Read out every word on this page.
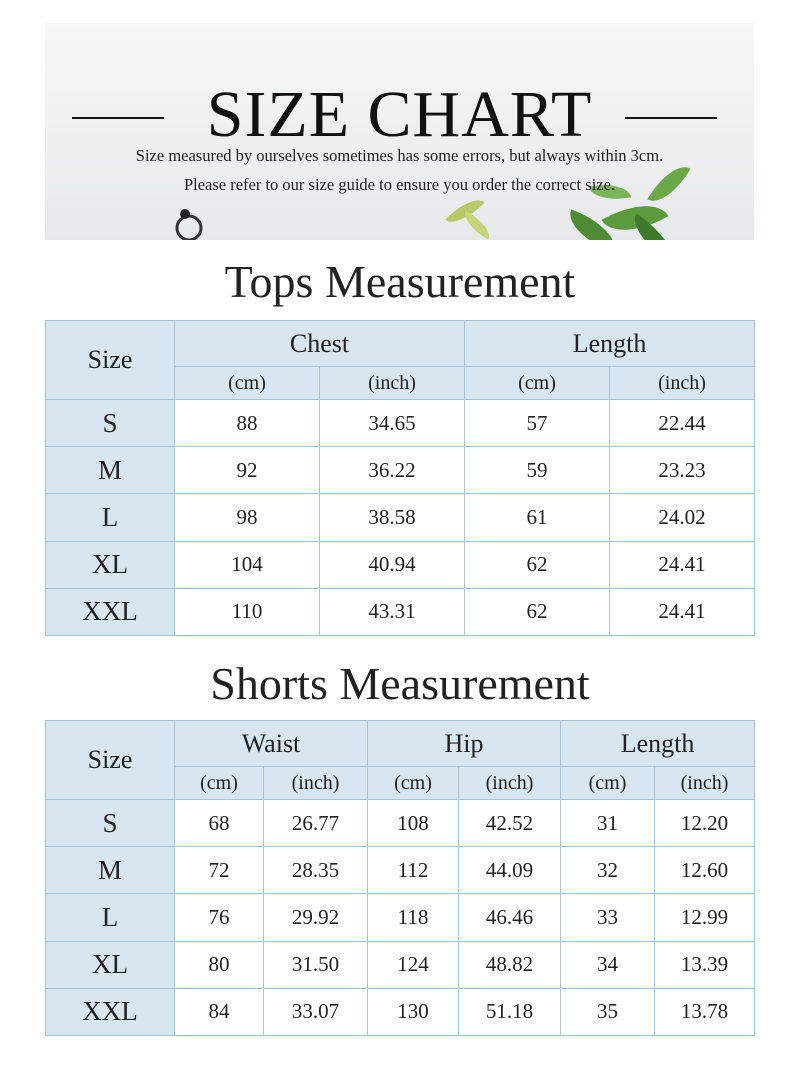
SIZE CHART
Size measured by ourselves sometimes has some errors, but always within 3cm.
Please refer to our size guide to ensure you order the correct size.
Tops Measurement
Size	Chest		Length	
	(cm)	(inch)	(cm)	(inch)
S	88	34.65	57	22.44
M	92	36.22	59	23.23
L	98	38.58	61	24.02
XL	104	40.94	62	24.41
XXL	110	43.31	62	24.41
Shorts Measurement
Size	Waist		Hip		Length	
	(cm)	(inch)	(cm)	(inch)	(cm)	(inch)
S	68	26.77	108	42.52	31	12.20
M	72	28.35	112	44.09	32	12.60
L	76	29.92	118	46.46	33	12.99
XL	80	31.50	124	48.82	34	13.39
XXL	84	33.07	130	51.18	35	13.78
